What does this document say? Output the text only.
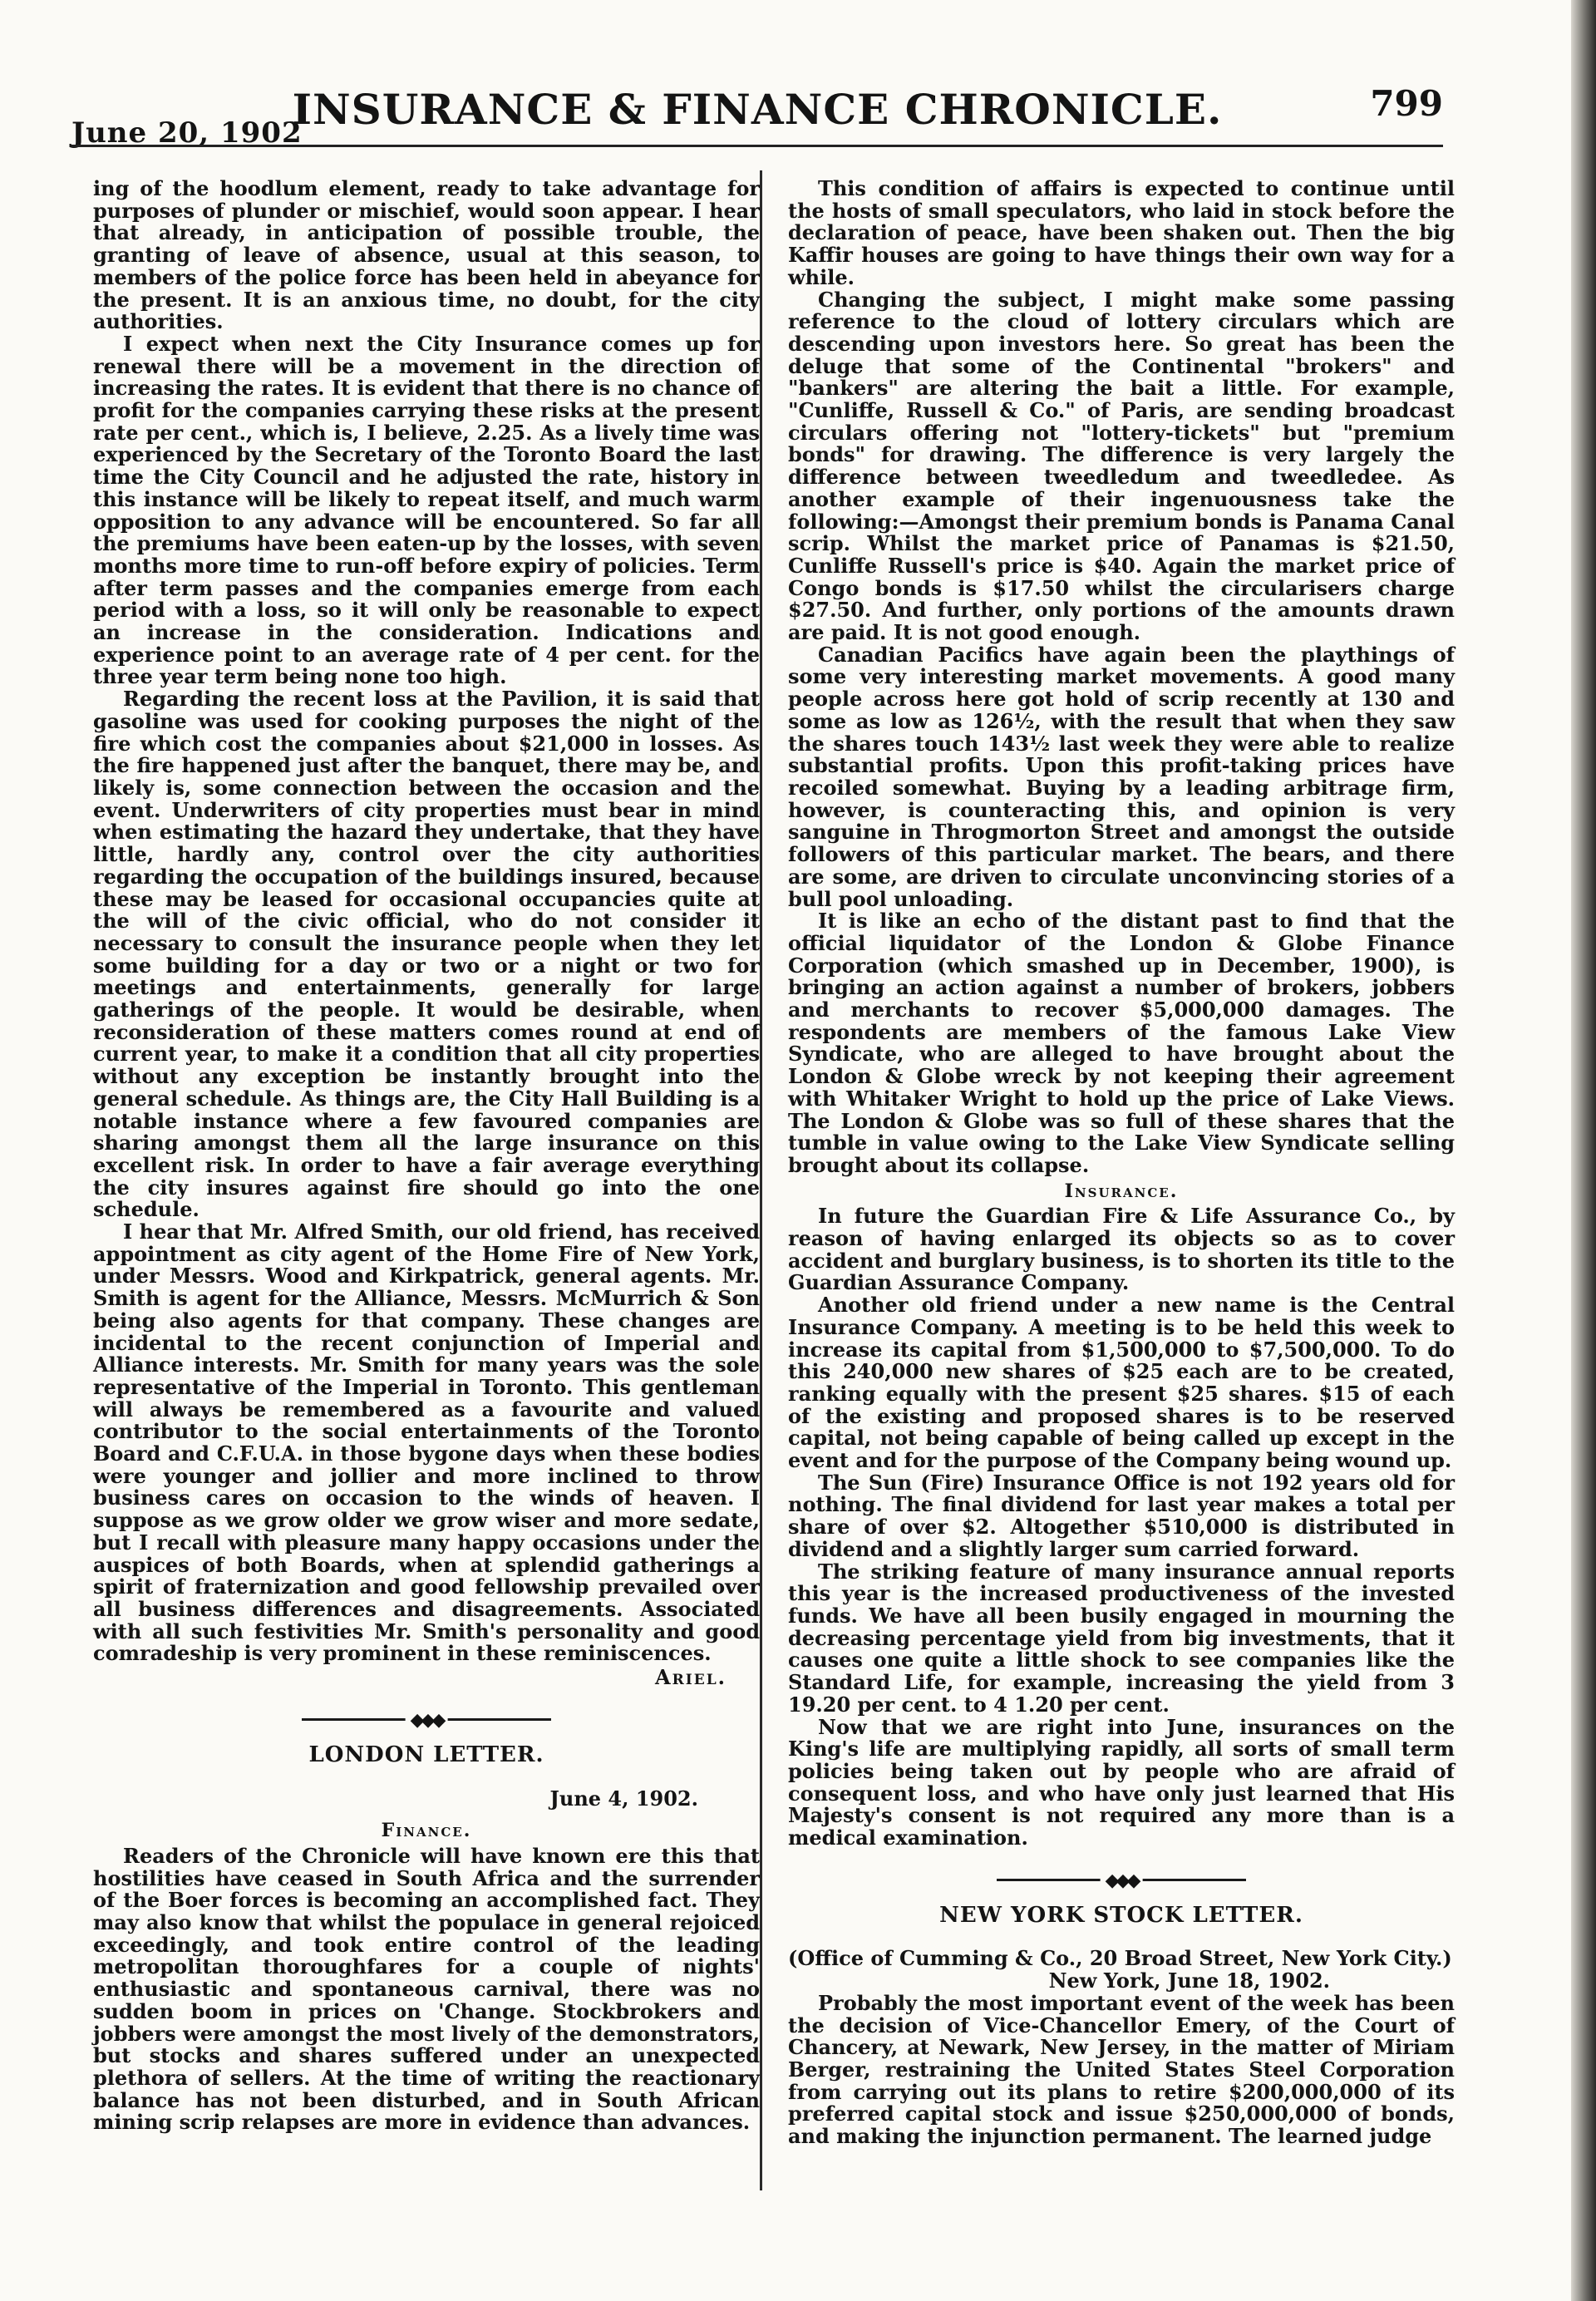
June 20, 1902
INSURANCE & FINANCE CHRONICLE.	799

ing of the hoodlum element, ready to take advantage for purposes of plunder or mischief, would soon appear. I hear that already, in anticipation of possible trouble, the granting of leave of absence, usual at this season, to members of the police force has been held in abeyance for the present. It is an anxious time, no doubt, for the city authorities.

I expect when next the City Insurance comes up for renewal there will be a movement in the direction of increasing the rates. It is evident that there is no chance of profit for the companies carrying these risks at the present rate per cent., which is, I believe, 2.25. As a lively time was experienced by the Secretary of the Toronto Board the last time the City Council and he adjusted the rate, history in this instance will be likely to repeat itself, and much warm opposition to any advance will be encountered. So far all the premiums have been eaten-up by the losses, with seven months more time to run-off before expiry of policies. Term after term passes and the companies emerge from each period with a loss, so it will only be reasonable to expect an increase in the consideration. Indications and experience point to an average rate of 4 per cent. for the three year term being none too high.

Regarding the recent loss at the Pavilion, it is said that gasoline was used for cooking purposes the night of the fire which cost the companies about $21,000 in losses. As the fire happened just after the banquet, there may be, and likely is, some connection between the occasion and the event. Underwriters of city properties must bear in mind when estimating the hazard they undertake, that they have little, hardly any, control over the city authorities regarding the occupation of the buildings insured, because these may be leased for occasional occupancies quite at the will of the civic official, who do not consider it necessary to consult the insurance people when they let some building for a day or two or a night or two for meetings and entertainments, generally for large gatherings of the people. It would be desirable, when reconsideration of these matters comes round at end of current year, to make it a condition that all city properties without any exception be instantly brought into the general schedule. As things are, the City Hall Building is a notable instance where a few favoured companies are sharing amongst them all the large insurance on this excellent risk. In order to have a fair average everything the city insures against fire should go into the one schedule.

I hear that Mr. Alfred Smith, our old friend, has received appointment as city agent of the Home Fire of New York, under Messrs. Wood and Kirkpatrick, general agents. Mr. Smith is agent for the Alliance, Messrs. McMurrich & Son being also agents for that company. These changes are incidental to the recent conjunction of Imperial and Alliance interests. Mr. Smith for many years was the sole representative of the Imperial in Toronto. This gentleman will always be remembered as a favourite and valued contributor to the social entertainments of the Toronto Board and C.F.U.A. in those bygone days when these bodies were younger and jollier and more inclined to throw business cares on occasion to the winds of heaven. I suppose as we grow older we grow wiser and more sedate, but I recall with pleasure many happy occasions under the auspices of both Boards, when at splendid gatherings a spirit of fraternization and good fellowship prevailed over all business differences and disagreements. Associated with all such festivities Mr. Smith's personality and good comradeship is very prominent in these reminiscences.

Ariel.
◆◆◆
LONDON LETTER.
June 4, 1902.
Finance.

Readers of the Chronicle will have known ere this that hostilities have ceased in South Africa and the surrender of the Boer forces is becoming an accomplished fact. They may also know that whilst the populace in general rejoiced exceedingly, and took entire control of the leading metropolitan thoroughfares for a couple of nights' enthusiastic and spontaneous carnival, there was no sudden boom in prices on 'Change. Stockbrokers and jobbers were amongst the most lively of the demonstrators, but stocks and shares suffered under an unexpected plethora of sellers. At the time of writing the reactionary balance has not been disturbed, and in South African mining scrip relapses are more in evidence than advances.

This condition of affairs is expected to continue until the hosts of small speculators, who laid in stock before the declaration of peace, have been shaken out. Then the big Kaffir houses are going to have things their own way for a while.

Changing the subject, I might make some passing reference to the cloud of lottery circulars which are descending upon investors here. So great has been the deluge that some of the Continental "brokers" and "bankers" are altering the bait a little. For example, "Cunliffe, Russell & Co." of Paris, are sending broadcast circulars offering not "lottery-tickets" but "premium bonds" for drawing. The difference is very largely the difference between tweedledum and tweedledee. As another example of their ingenuousness take the following:—Amongst their premium bonds is Panama Canal scrip. Whilst the market price of Panamas is $21.50, Cunliffe Russell's price is $40. Again the market price of Congo bonds is $17.50 whilst the circularisers charge $27.50. And further, only portions of the amounts drawn are paid. It is not good enough.

Canadian Pacifics have again been the playthings of some very interesting market movements. A good many people across here got hold of scrip recently at 130 and some as low as 126½, with the result that when they saw the shares touch 143½ last week they were able to realize substantial profits. Upon this profit-taking prices have recoiled somewhat. Buying by a leading arbitrage firm, however, is counteracting this, and opinion is very sanguine in Throgmorton Street and amongst the outside followers of this particular market. The bears, and there are some, are driven to circulate unconvincing stories of a bull pool unloading.

It is like an echo of the distant past to find that the official liquidator of the London & Globe Finance Corporation (which smashed up in December, 1900), is bringing an action against a number of brokers, jobbers and merchants to recover $5,000,000 damages. The respondents are members of the famous Lake View Syndicate, who are alleged to have brought about the London & Globe wreck by not keeping their agreement with Whitaker Wright to hold up the price of Lake Views. The London & Globe was so full of these shares that the tumble in value owing to the Lake View Syndicate selling brought about its collapse.

Insurance.

In future the Guardian Fire & Life Assurance Co., by reason of having enlarged its objects so as to cover accident and burglary business, is to shorten its title to the Guardian Assurance Company.

Another old friend under a new name is the Central Insurance Company. A meeting is to be held this week to increase its capital from $1,500,000 to $7,500,000. To do this 240,000 new shares of $25 each are to be created, ranking equally with the present $25 shares. $15 of each of the existing and proposed shares is to be reserved capital, not being capable of being called up except in the event and for the purpose of the Company being wound up.

The Sun (Fire) Insurance Office is not 192 years old for nothing. The final dividend for last year makes a total per share of over $2. Altogether $510,000 is distributed in dividend and a slightly larger sum carried forward.

The striking feature of many insurance annual reports this year is the increased productiveness of the invested funds. We have all been busily engaged in mourning the decreasing percentage yield from big investments, that it causes one quite a little shock to see companies like the Standard Life, for example, increasing the yield from 3 19.20 per cent. to 4 1.20 per cent.

Now that we are right into June, insurances on the King's life are multiplying rapidly, all sorts of small term policies being taken out by people who are afraid of consequent loss, and who have only just learned that His Majesty's consent is not required any more than is a medical examination.

◆◆◆
NEW YORK STOCK LETTER.

(Office of Cumming & Co., 20 Broad Street, New York City.)

New York, June 18, 1902.

Probably the most important event of the week has been the decision of Vice-Chancellor Emery, of the Court of Chancery, at Newark, New Jersey, in the matter of Miriam Berger, restraining the United States Steel Corporation from carrying out its plans to retire $200,000,000 of its preferred capital stock and issue $250,000,000 of bonds, and making the injunction permanent. The learned judge
